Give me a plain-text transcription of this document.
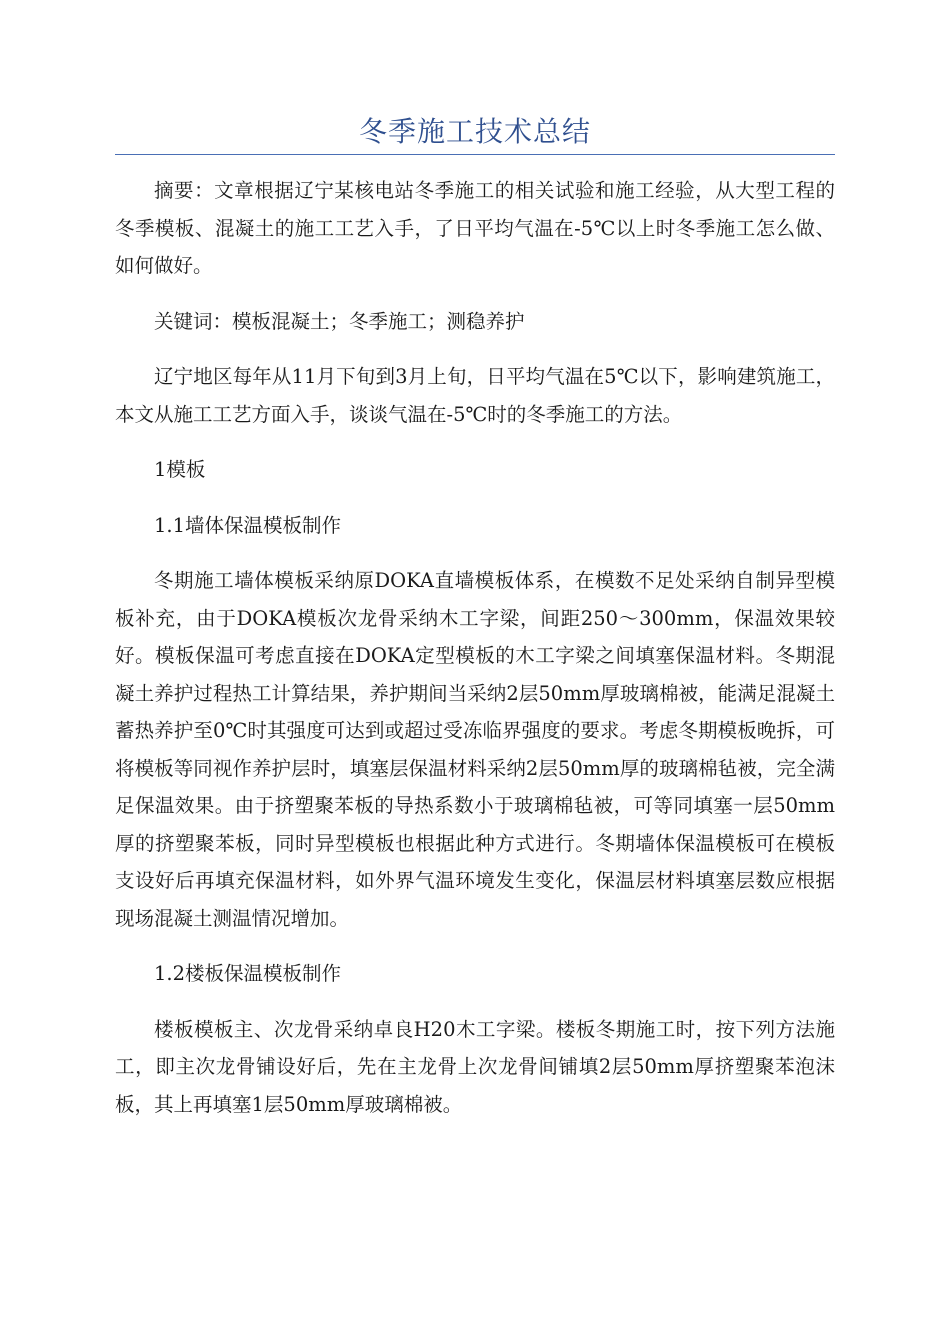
冬季施工技术总结

摘要：文章根据辽宁某核电站冬季施工的相关试验和施工经验，从大型工程的冬季模板、混凝土的施工工艺入手，了日平均气温在-5℃以上时冬季施工怎么做、如何做好。

关键词：模板混凝土；冬季施工；测稳养护

辽宁地区每年从11月下旬到3月上旬，日平均气温在5℃以下，影响建筑施工，本文从施工工艺方面入手，谈谈气温在-5℃时的冬季施工的方法。

1模板

1.1墙体保温模板制作

冬期施工墙体模板采纳原DOKA直墙模板体系，在模数不足处采纳自制异型模板补充，由于DOKA模板次龙骨采纳木工字梁，间距250～300mm，保温效果较好。模板保温可考虑直接在DOKA定型模板的木工字梁之间填塞保温材料。冬期混凝土养护过程热工计算结果，养护期间当采纳2层50mm厚玻璃棉被，能满足混凝土蓄热养护至0℃时其强度可达到或超过受冻临界强度的要求。考虑冬期模板晚拆，可将模板等同视作养护层时，填塞层保温材料采纳2层50mm厚的玻璃棉毡被，完全满足保温效果。由于挤塑聚苯板的导热系数小于玻璃棉毡被，可等同填塞一层50mm厚的挤塑聚苯板，同时异型模板也根据此种方式进行。冬期墙体保温模板可在模板支设好后再填充保温材料，如外界气温环境发生变化，保温层材料填塞层数应根据现场混凝土测温情况增加。

1.2楼板保温模板制作

楼板模板主、次龙骨采纳卓良H20木工字梁。楼板冬期施工时，按下列方法施工，即主次龙骨铺设好后，先在主龙骨上次龙骨间铺填2层50mm厚挤塑聚苯泡沫板，其上再填塞1层50mm厚玻璃棉被。
